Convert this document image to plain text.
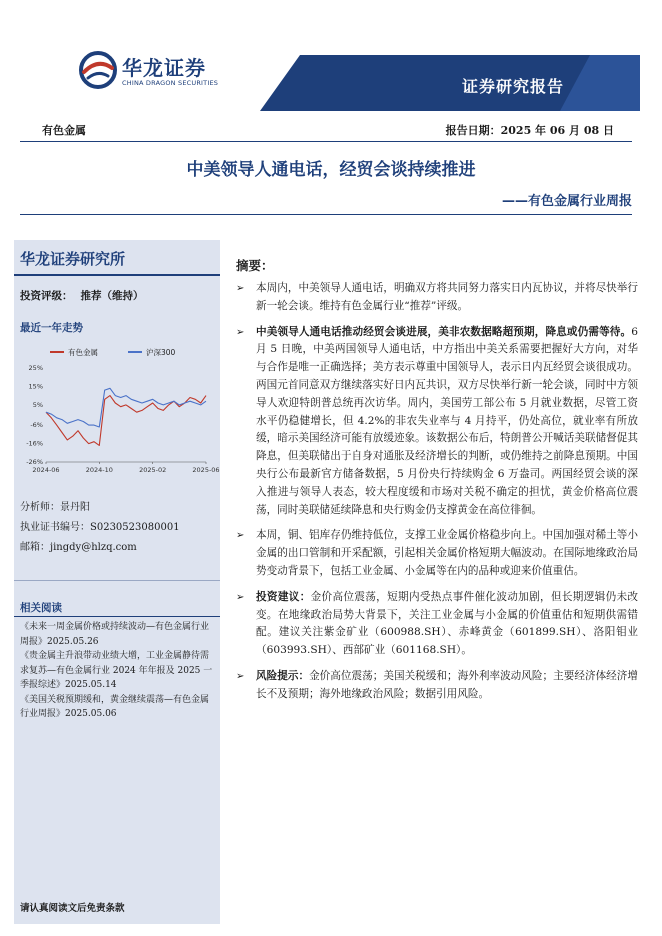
华龙证券
CHINA DRAGON SECURITIES	证券研究报告
有色金属	报告日期：2025 年 06 月 08 日
中美领导人通电话，经贸会谈持续推进
——有色金属行业周报
华龙证券研究所
投资评级： 推荐（维持）
最近一年走势
有色金属	沪深300
25%
15%
5%
-6%
-16%
-26%
2024-06	2024-10	2025-02	2025-06
分析师：景丹阳
执业证书编号：S0230523080001
邮箱：jingdy@hlzq.com
相关阅读
《未来一周金属价格或持续波动—有色金属行业周报》2025.05.26
《贵金属主升浪带动业绩大增，工业金属静待需求复苏—有色金属行业 2024 年年报及 2025 一季报综述》2025.05.14
《美国关税预期缓和，黄金继续震荡—有色金属行业周报》2025.05.06
请认真阅读文后免责条款
摘要：
➢ 本周内，中美领导人通电话，明确双方将共同努力落实日内瓦协议，并将尽快举行新一轮会谈。维持有色金属行业“推荐”评级。
➢ 中美领导人通电话推动经贸会谈进展，美非农数据略超预期，降息或仍需等待。6 月 5 日晚，中美两国领导人通电话，中方指出中美关系需要把握好大方向，对华与合作是唯一正确选择；美方表示尊重中国领导人，表示日内瓦经贸会谈很成功。两国元首同意双方继续落实好日内瓦共识，双方尽快举行新一轮会谈，同时中方领导人欢迎特朗普总统再次访华。周内，美国劳工部公布 5 月就业数据，尽管工资水平仍稳健增长，但 4.2%的非农失业率与 4 月持平，仍处高位，就业率有所放缓，暗示美国经济可能有放缓迹象。该数据公布后，特朗普公开喊话美联储督促其降息，但美联储出于自身对通胀及经济增长的判断，或仍维持之前降息预期。中国央行公布最新官方储备数据，5 月份央行持续购金 6 万盎司。两国经贸会谈的深入推进与领导人表态，较大程度缓和市场对关税不确定的担忧，黄金价格高位震荡，同时美联储延续降息和央行购金仍支撑黄金在高位徘徊。
➢ 本周，铜、铝库存仍维持低位，支撑工业金属价格稳步向上。中国加强对稀土等小金属的出口管制和开采配额，引起相关金属价格短期大幅波动。在国际地缘政治局势变动背景下，包括工业金属、小金属等在内的品种或迎来价值重估。
➢ 投资建议：金价高位震荡，短期内受热点事件催化波动加剧，但长期逻辑仍未改变。在地缘政治局势大背景下，关注工业金属与小金属的价值重估和短期供需错配。建议关注紫金矿业（600988.SH）、赤峰黄金（601899.SH）、洛阳钼业（603993.SH）、西部矿业（601168.SH）。
➢ 风险提示：金价高位震荡；美国关税缓和；海外利率波动风险；主要经济体经济增长不及预期；海外地缘政治风险；数据引用风险。
